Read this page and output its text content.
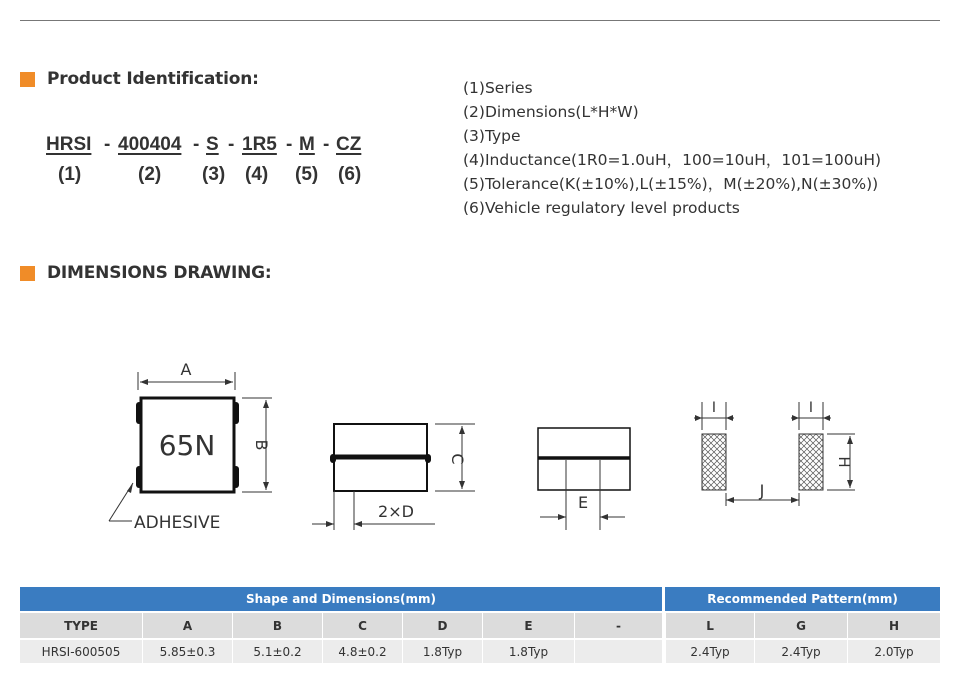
Product Identification:
HRSI - 400404 - S - 1R5 - M - CZ
(1)	(2) (3) (4) (5) (6)
(1)Series
(2)Dimensions(L*H*W)
(3)Type
(4)Inductance(1R0=1.0uH，100=10uH，101=100uH)
(5)Tolerance(K(±10%),L(±15%)，M(±20%),N(±30%))
(6)Vehicle regulatory level products
DIMENSIONS DRAWING:
A
B
65N
ADHESIVE
C
2×D	E
I	I
J
H
Shape and Dimensions(mm)								Recommended Pattern(mm)		
TYPE	A	B	C	D	E	-		L	G	H
HRSI-600505	5.85±0.3	5.1±0.2	4.8±0.2	1.8Typ	1.8Typ			2.4Typ	2.4Typ	2.0Typ
